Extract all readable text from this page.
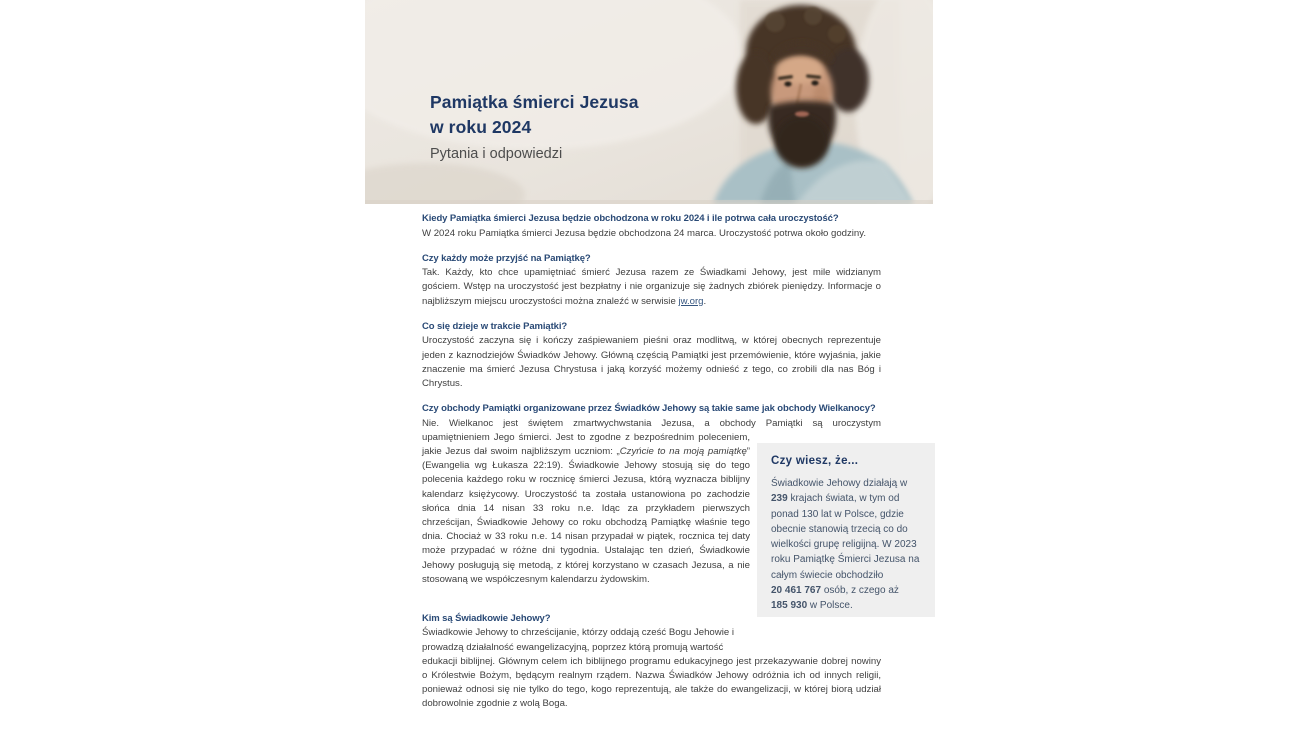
Pamiątka śmierci Jezusa
w roku 2024
Pytania i odpowiedzi
Kiedy Pamiątka śmierci Jezusa będzie obchodzona w roku 2024 i ile potrwa cała uroczystość?

W 2024 roku Pamiątka śmierci Jezusa będzie obchodzona 24 marca. Uroczystość potrwa około godziny.

Czy każdy może przyjść na Pamiątkę?

Tak. Każdy, kto chce upamiętniać śmierć Jezusa razem ze Świadkami Jehowy, jest mile widzianym gościem. Wstęp na uroczystość jest bezpłatny i nie organizuje się żadnych zbiórek pieniędzy. Informacje o najbliższym miejscu uroczystości można znaleźć w serwisie jw.org.

Co się dzieje w trakcie Pamiątki?

Uroczystość zaczyna się i kończy zaśpiewaniem pieśni oraz modlitwą, w której obecnych reprezentuje jeden z kaznodziejów Świadków Jehowy. Główną częścią Pamiątki jest przemówienie, które wyjaśnia, jakie znaczenie ma śmierć Jezusa Chrystusa i jaką korzyść możemy odnieść z tego, co zrobili dla nas Bóg i Chrystus.

Czy obchody Pamiątki organizowane przez Świadków Jehowy są takie same jak obchody Wielkanocy?

Nie. Wielkanoc jest świętem zmartwychwstania Jezusa, a obchody Pamiątki są uroczystym

upamiętnieniem Jego śmierci. Jest to zgodne z bezpośrednim poleceniem, jakie Jezus dał swoim najbliższym uczniom: „Czyńcie to na moją pamiątkę” (Ewangelia wg Łukasza 22:19). Świadkowie Jehowy stosują się do tego polecenia każdego roku w rocznicę śmierci Jezusa, którą wyznacza biblijny kalendarz księżycowy. Uroczystość ta została ustanowiona po zachodzie słońca dnia 14 nisan 33 roku n.e. Idąc za przykładem pierwszych chrześcijan, Świadkowie Jehowy co roku obchodzą Pamiątkę właśnie tego dnia. Chociaż w 33 roku n.e. 14 nisan przypadał w piątek, rocznica tej daty może przypadać w różne dni tygodnia. Ustalając ten dzień, Świadkowie Jehowy posługują się metodą, z której korzystano w czasach Jezusa, a nie stosowaną we współczesnym kalendarzu żydowskim.

Kim są Świadkowie Jehowy?

Świadkowie Jehowy to chrześcijanie, którzy oddają cześć Bogu Jehowie i prowadzą działalność ewangelizacyjną, poprzez którą promują wartość

edukacji biblijnej. Głównym celem ich biblijnego programu edukacyjnego jest przekazywanie dobrej nowiny o Królestwie Bożym, będącym realnym rządem. Nazwa Świadków Jehowy odróżnia ich od innych religii, ponieważ odnosi się nie tylko do tego, kogo reprezentują, ale także do ewangelizacji, w której biorą udział dobrowolnie zgodnie z wolą Boga.

Czy wiesz, że...

Świadkowie Jehowy działają w 239 krajach świata, w tym od ponad 130 lat w Polsce, gdzie obecnie stanowią trzecią co do wielkości grupę religijną. W 2023 roku Pamiątkę Śmierci Jezusa na całym świecie obchodziło 20 461 767 osób, z czego aż 185 930 w Polsce.
